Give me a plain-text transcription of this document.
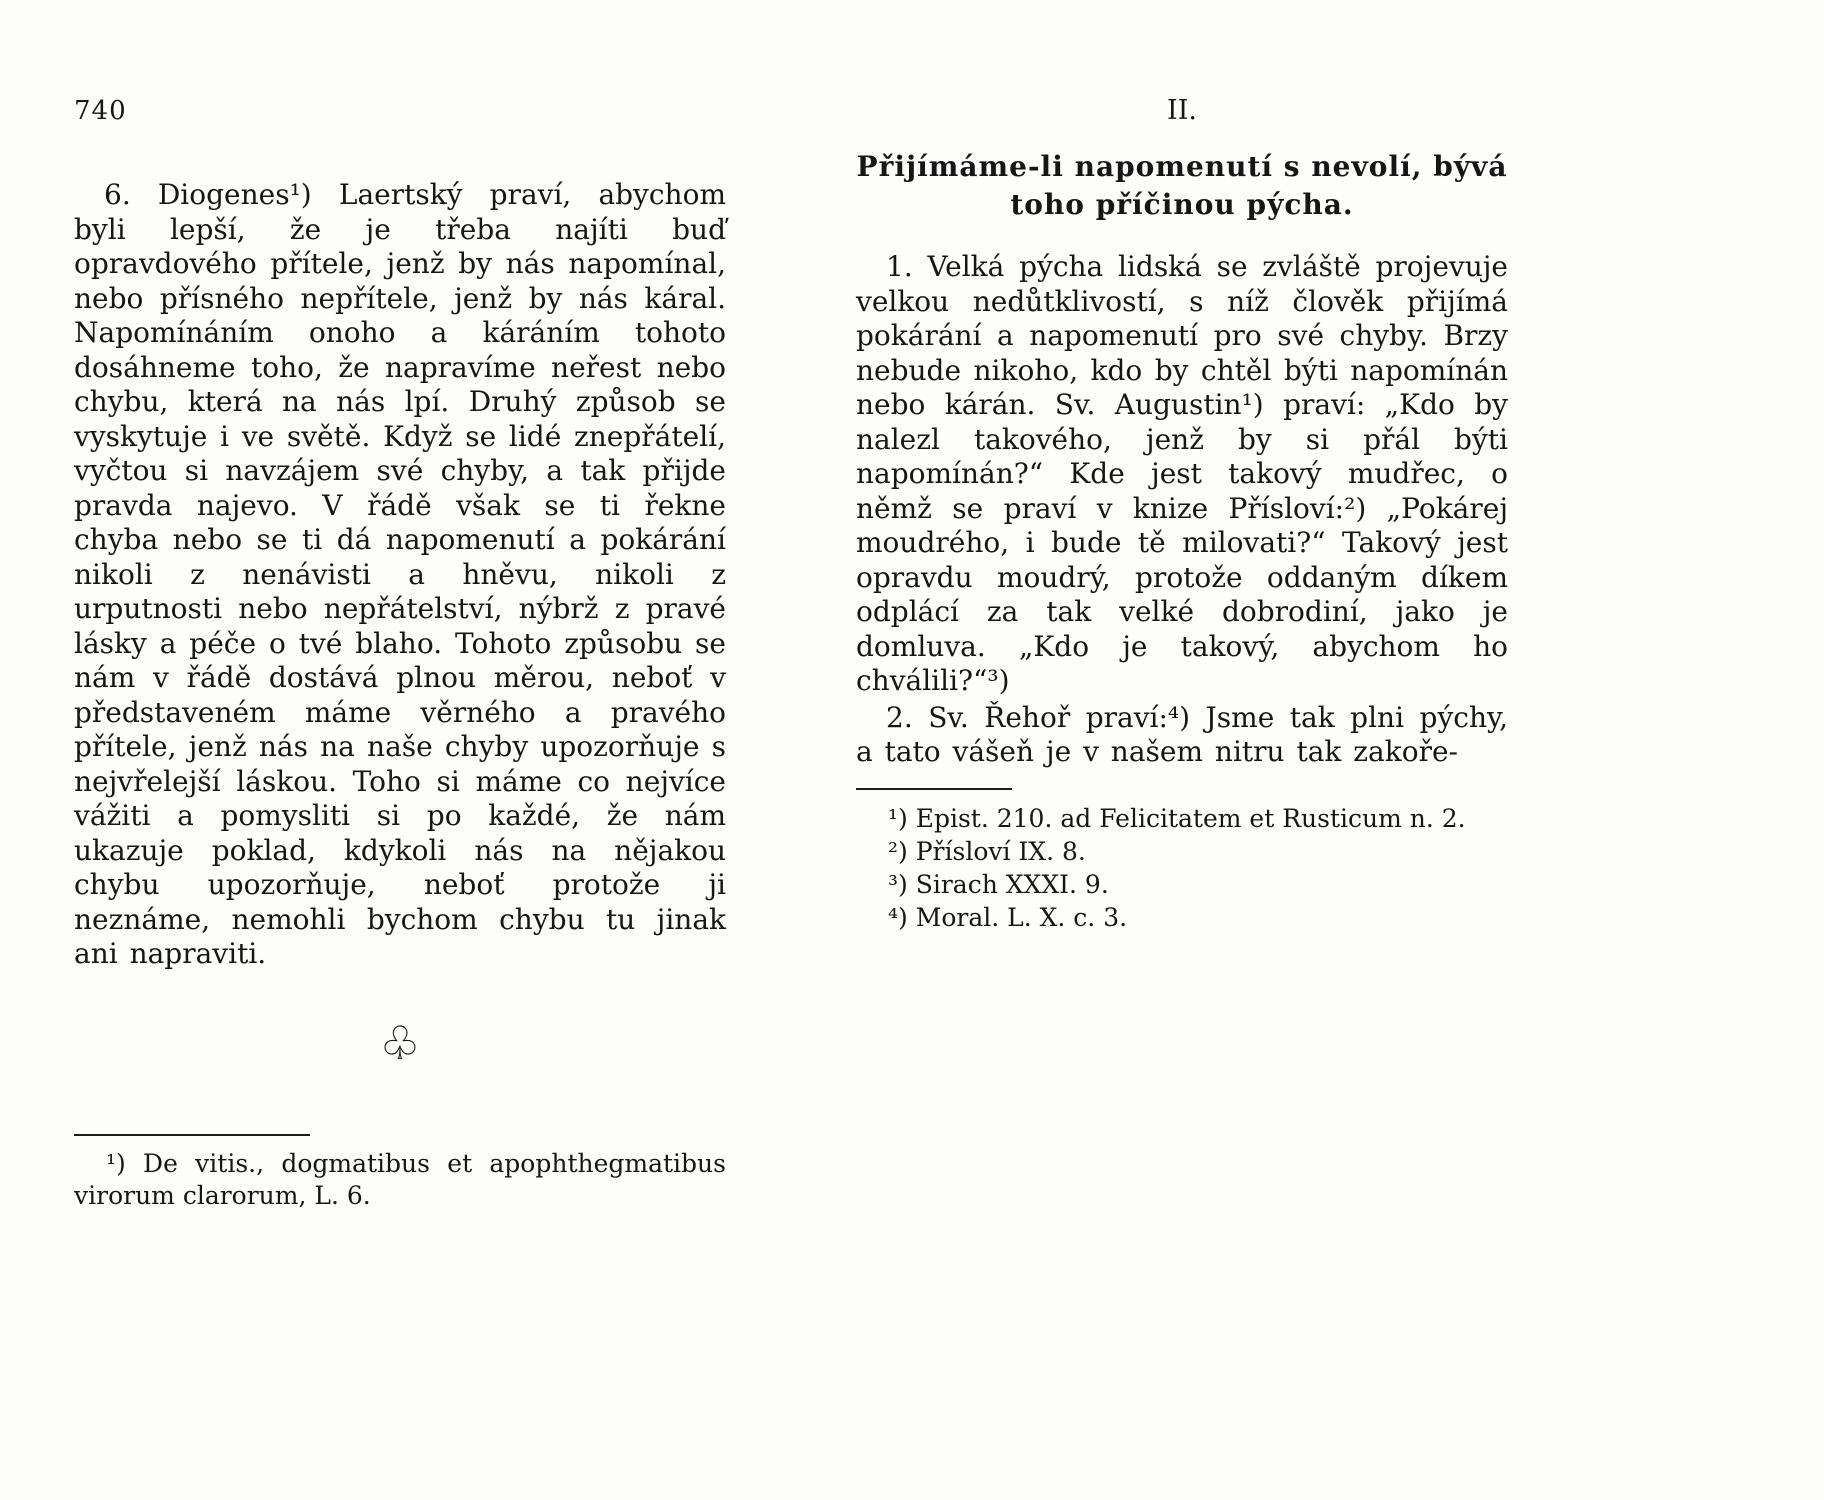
740

6. Diogenes¹) Laertský praví, abychom byli lepší, že je třeba najíti buď opravdového přítele, jenž by nás napomínal, nebo přísného nepřítele, jenž by nás káral. Napomínáním onoho a káráním tohoto dosáhneme toho, že napravíme neřest nebo chybu, která na nás lpí. Druhý způsob se vyskytuje i ve světě. Když se lidé znepřátelí, vyčtou si navzájem své chyby, a tak přijde pravda najevo. V řádě však se ti řekne chyba nebo se ti dá napomenutí a pokárání nikoli z nenávisti a hněvu, nikoli z urputnosti nebo nepřátelství, nýbrž z pravé lásky a péče o tvé blaho. Tohoto způsobu se nám v řádě dostává plnou měrou, neboť v představeném máme věrného a pravého přítele, jenž nás na naše chyby upozorňuje s nejvřelejší láskou. Toho si máme co nejvíce vážiti a pomysliti si po každé, že nám ukazuje poklad, kdykoli nás na nějakou chybu upozorňuje, neboť protože ji neznáme, nemohli bychom chybu tu jinak ani napraviti.

♧

¹) De vitis., dogmatibus et apophthegmatibus virorum clarorum, L. 6.

II.
Přijímáme-li napomenutí s nevolí, bývá toho příčinou pýcha.

1. Velká pýcha lidská se zvláště projevuje velkou nedůtklivostí, s níž člověk přijímá pokárání a napomenutí pro své chyby. Brzy nebude nikoho, kdo by chtěl býti napomínán nebo kárán. Sv. Augustin¹) praví: „Kdo by nalezl takového, jenž by si přál býti napomínán?“ Kde jest takový mudřec, o němž se praví v knize Přísloví:²) „Pokárej moudrého, i bude tě milovati?“ Takový jest opravdu moudrý, protože oddaným díkem odplácí za tak velké dobrodiní, jako je domluva. „Kdo je takový, abychom ho chválili?“³)

2. Sv. Řehoř praví:⁴) Jsme tak plni pýchy, a tato vášeň je v našem nitru tak zakoře-

¹) Epist. 210. ad Felicitatem et Rusticum n. 2.

²) Přísloví IX. 8.

³) Sirach XXXI. 9.

⁴) Moral. L. X. c. 3.
